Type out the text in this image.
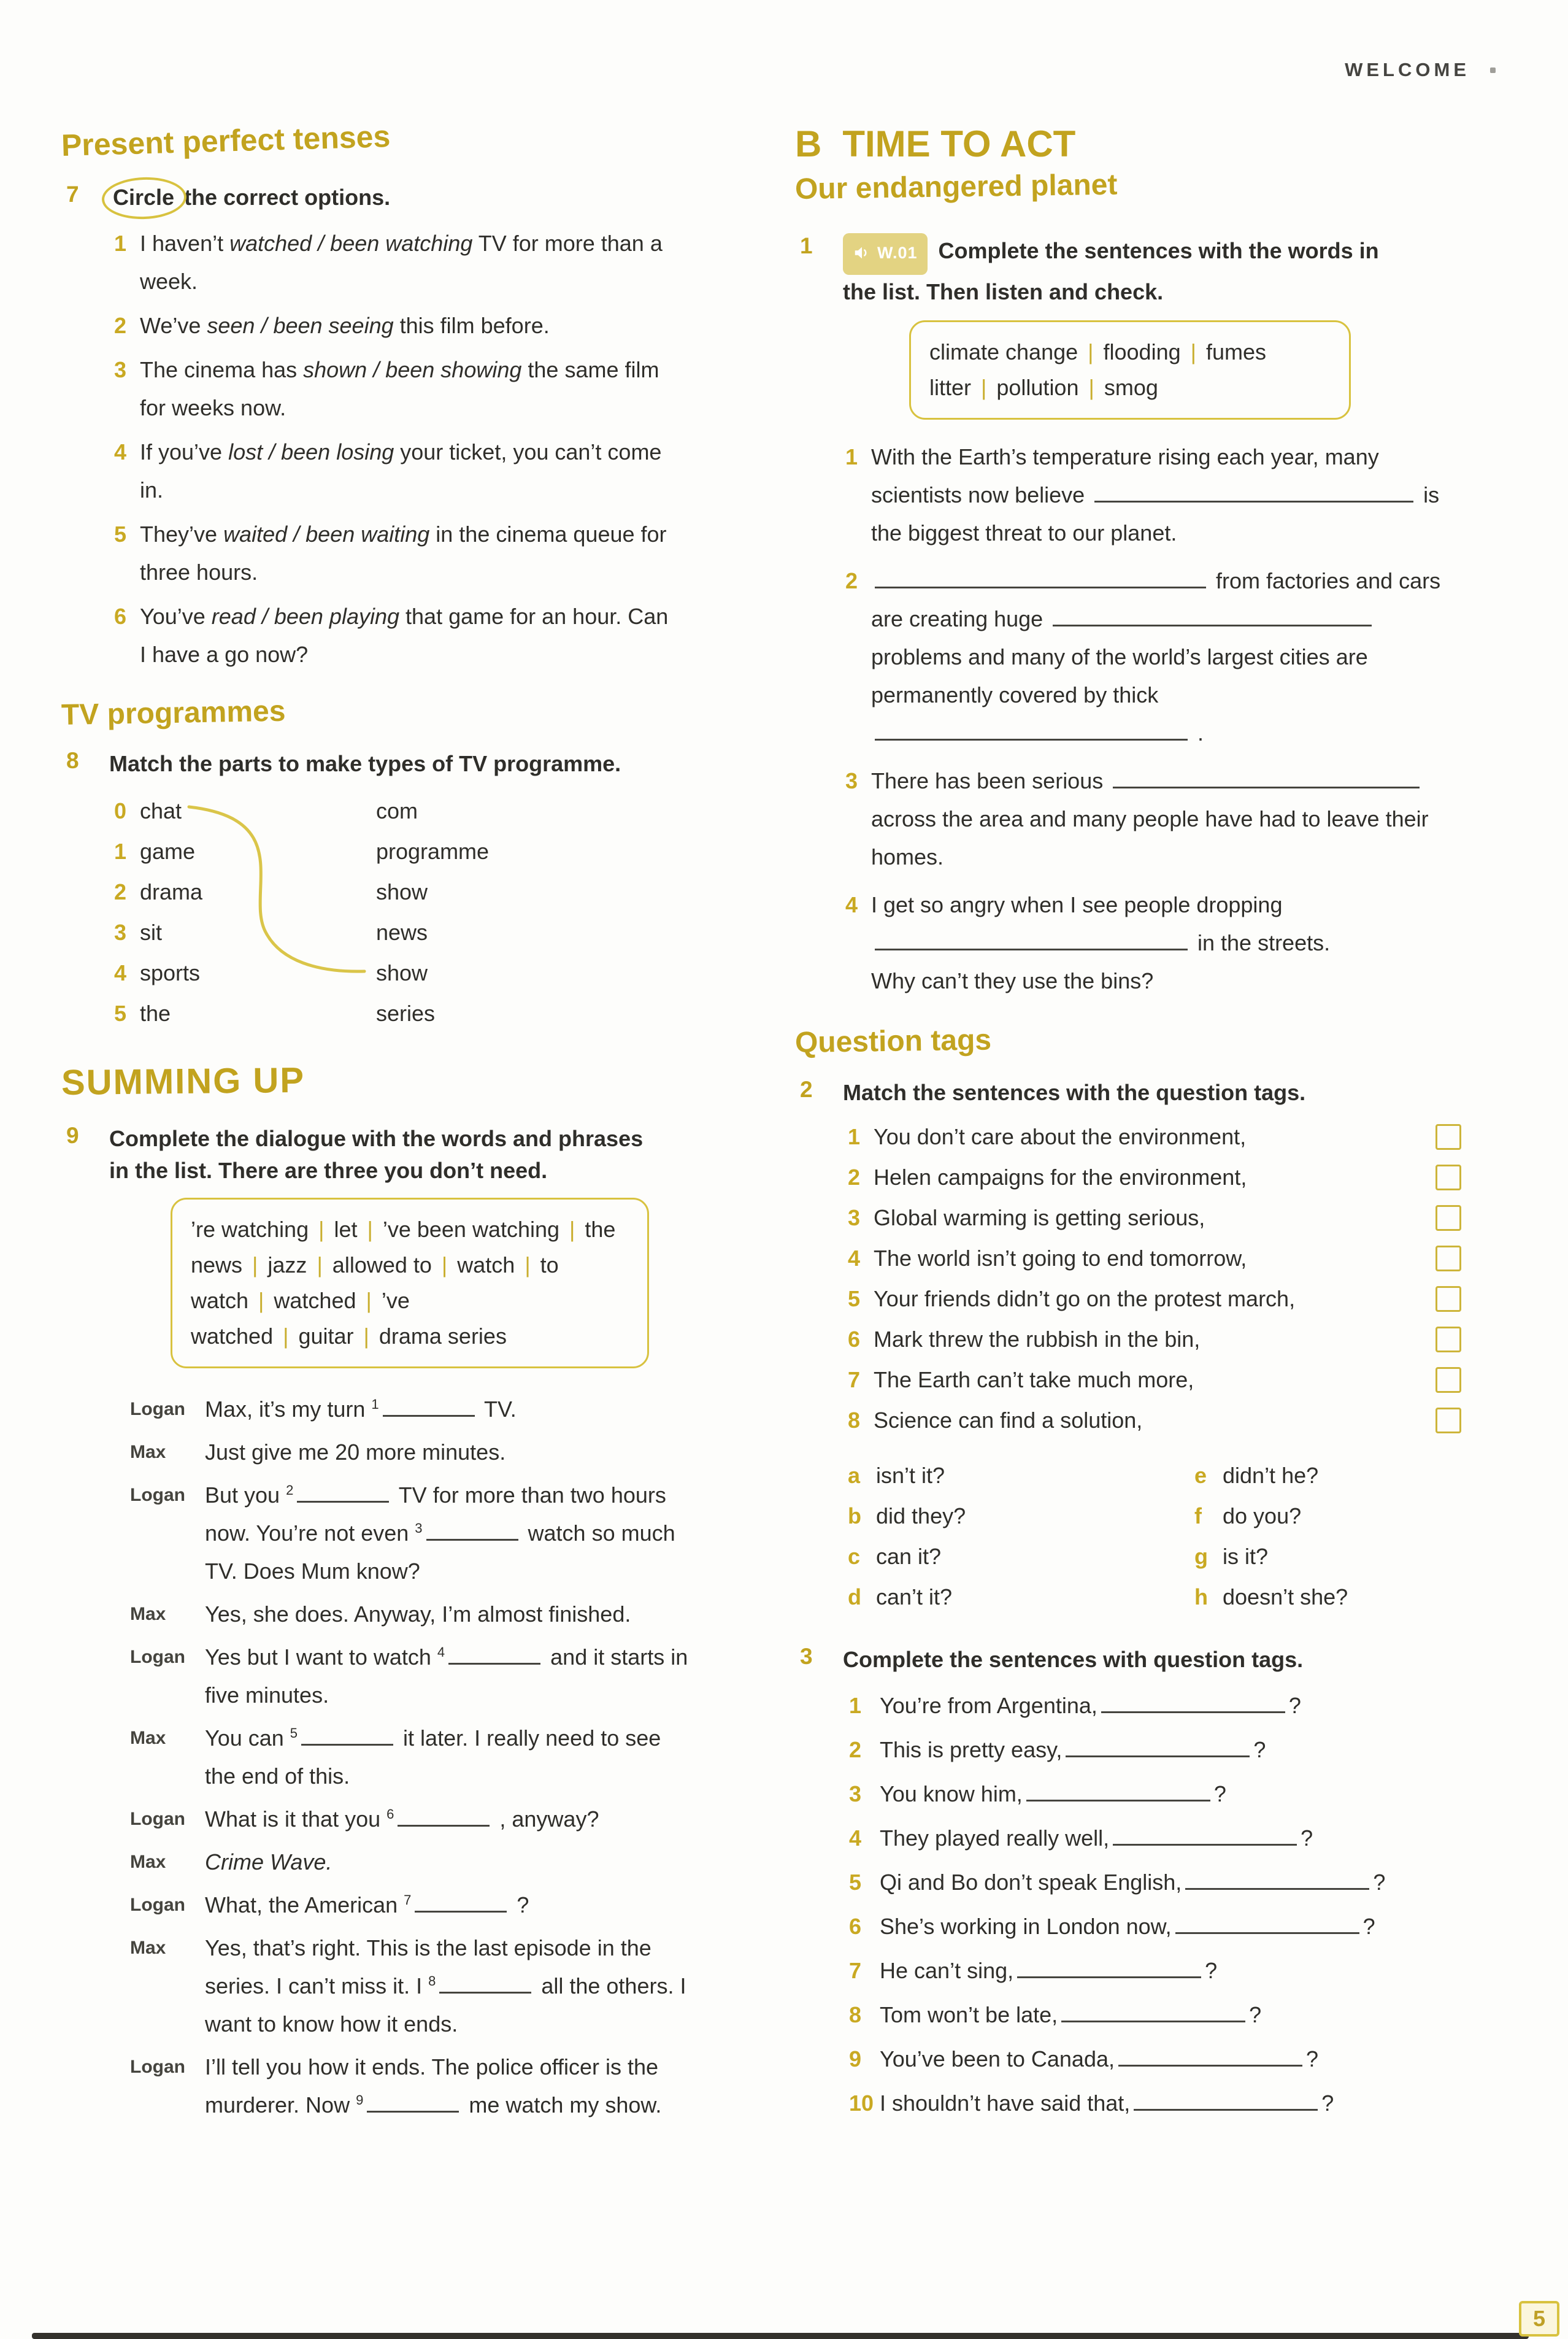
WELCOME
Present perfect tenses
7	Circle the correct options.
1 I haven’t watched / been watching TV for more than a week.
2 We’ve seen / been seeing this film before.
3 The cinema has shown / been showing the same film for weeks now.
4 If you’ve lost / been losing your ticket, you can’t come in.
5 They’ve waited / been waiting in the cinema queue for three hours.
6 You’ve read / been playing that game for an hour. Can I have a go now?
TV programmes
8	Match the parts to make types of TV programme.
0 chat	com
1 game	programme
2 drama	show
3 sit	news
4 sports	show
5 the	series
SUMMING UP
9	Complete the dialogue with the words and phrases in the list. There are three you don’t need.
’re watching | let | ’ve been watching | the news | jazz | allowed to | watch | to watch | watched | ’ve watched | guitar | drama series
Logan Max, it’s my turn $^1$	TV.
Max	Just give me 20 more minutes.
Logan But you $^2$	TV for more than two hours now. You’re not even $^3$	watch so much TV. Does Mum know?
Max	Yes, she does. Anyway, I’m almost finished.
Logan Yes but I want to watch $^4$	and it starts in five minutes.
Max	You can $^5$	it later. I really need to see the end of this.
Logan What is it that you $^6$	, anyway?
Max	Crime Wave.
Logan What, the American $^7$	?
Max	Yes, that’s right. This is the last episode in the series. I can’t miss it. I $^8$	all the others. I want to know how it ends.
Logan I’ll tell you how it ends. The police officer is the murderer. Now $^9$	me watch my show.
B TIME TO ACT
Our endangered planet
1	W.01 Complete the sentences with the words in the list. Then listen and check.
climate change | flooding | fumes
litter | pollution | smog
1 With the Earth’s temperature rising each year, many scientists now believe	is the biggest threat to our planet.
2	from factories and cars are creating huge  problems and many of the world’s largest cities are permanently covered by thick
.
3 There has been serious  across the area and many people have had to leave their homes.
4 I get so angry when I see people dropping  in the streets.
Why can’t they use the bins?
Question tags
2	Match the sentences with the question tags.
1 You don’t care about the environment,
2 Helen campaigns for the environment,
3 Global warming is getting serious,
4 The world isn’t going to end tomorrow,
5 Your friends didn’t go on the protest march,
6 Mark threw the rubbish in the bin,
7 The Earth can’t take much more,
8 Science can find a solution,
a isn’t it?	e didn’t he?
b did they?	f do you?
c can it?	g is it?
d can’t it?	h doesn’t she?
3	Complete the sentences with question tags.
1 You’re from Argentina,	?
2 This is pretty easy,	?
3 You know him,	?
4 They played really well,	?
5 Qi and Bo don’t speak English,	?
6 She’s working in London now,	?
7 He can’t sing,	?
8 Tom won’t be late,	?
9 You’ve been to Canada,	?
10 I shouldn’t have said that,	?
5
